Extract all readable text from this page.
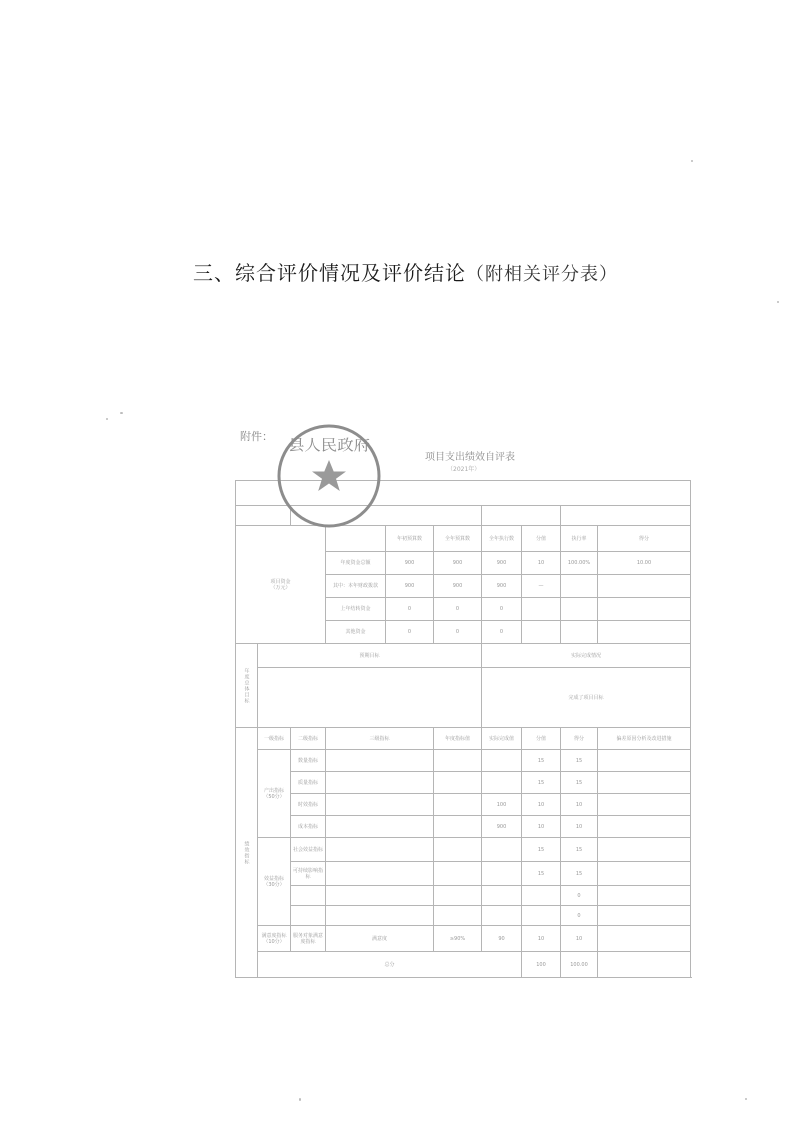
三、综合评价情况及评价结论（附相关评分表）
附件：
项目支出绩效自评表
（2021年）

项目资金
（万元）				年初预算数	全年预算数	全年执行数	分值	执行率	得分
			年度资金总额	900	900	900	10	100.00%	10.00
			其中：本年财政拨款	900	900	900	—		
			上年结转资金	0	0	0			
			其他资金	0	0	0			
年度总体目标	预期目标					实际完成情况			
						完成了项目目标			
绩效指标	一级指标	二级指标	三级指标		年度指标值	实际完成值	分值	得分	偏差原因分析及改进措施
	产出指标
（50分）	数量指标					15	15	
		质量指标					15	15	
		时效指标				100	10	10	
		成本指标				900	10	10	
	效益指标
（30分）	社会效益指标					15	15	
		可持续影响指标					15	15	
								0	
								0	
	满意度指标
（10分）	服务对象满意度指标	满意度		≥90%	90	10	10	
	总分						100	100.00	
县人民政府
